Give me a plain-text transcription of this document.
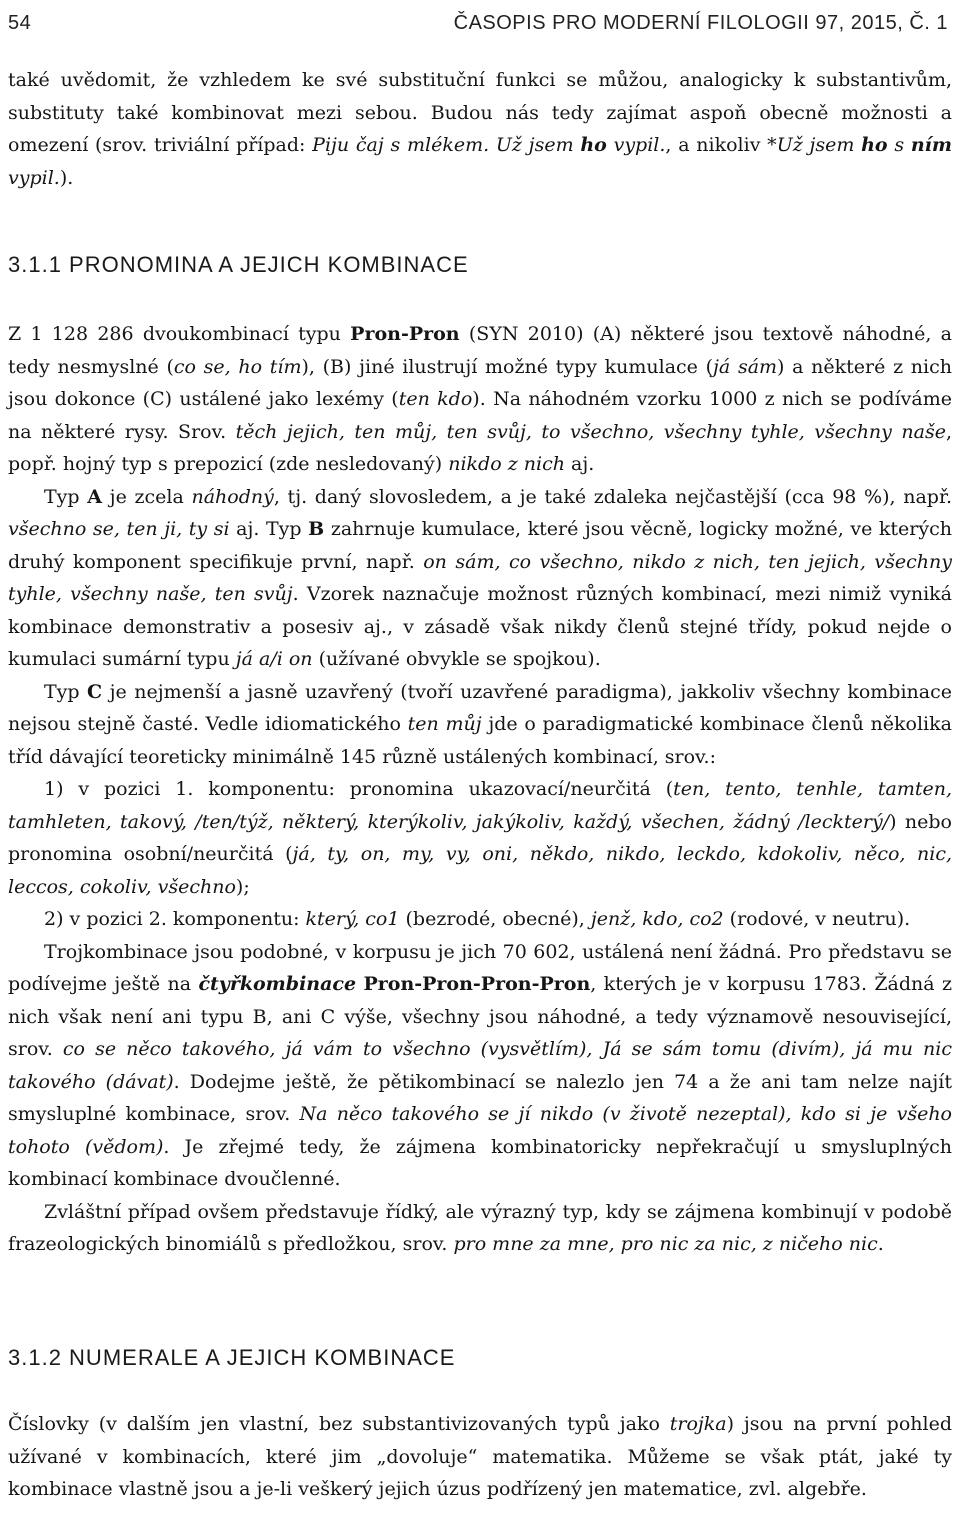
54	ČASOPIS PRO MODERNÍ FILOLOGII 97, 2015, Č. 1

také uvědomit, že vzhledem ke své substituční funkci se můžou, analogicky k substantivům, substituty také kombinovat mezi sebou. Budou nás tedy zajímat aspoň obecně možnosti a omezení (srov. triviální případ: Piju čaj s mlékem. Už jsem ho vypil., a nikoliv *Už jsem ho s ním vypil.).

3.1.1 PRONOMINA A JEJICH KOMBINACE

Z 1 128 286 dvoukombinací typu Pron-Pron (SYN 2010) (A) některé jsou textově náhodné, a tedy nesmyslné (co se, ho tím), (B) jiné ilustrují možné typy kumulace (já sám) a některé z nich jsou dokonce (C) ustálené jako lexémy (ten kdo). Na náhodném vzorku 1000 z nich se podíváme na některé rysy. Srov. těch jejich, ten můj, ten svůj, to všechno, všechny tyhle, všechny naše, popř. hojný typ s prepozicí (zde nesledovaný) nikdo z nich aj.

Typ A je zcela náhodný, tj. daný slovosledem, a je také zdaleka nejčastější (cca 98 %), např. všechno se, ten ji, ty si aj. Typ B zahrnuje kumulace, které jsou věcně, logicky možné, ve kterých druhý komponent specifikuje první, např. on sám, co všechno, nikdo z nich, ten jejich, všechny tyhle, všechny naše, ten svůj. Vzorek naznačuje možnost různých kombinací, mezi nimiž vyniká kombinace demonstrativ a posesiv aj., v zásadě však nikdy členů stejné třídy, pokud nejde o kumulaci sumární typu já a/i on (užívané obvykle se spojkou).

Typ C je nejmenší a jasně uzavřený (tvoří uzavřené paradigma), jakkoliv všechny kombinace nejsou stejně časté. Vedle idiomatického ten můj jde o paradigmatické kombinace členů několika tříd dávající teoreticky minimálně 145 různě ustálených kombinací, srov.:

1) v pozici 1. komponentu: pronomina ukazovací/neurčitá (ten, tento, tenhle, tamten, tamhleten, takový, /ten/týž, některý, kterýkoliv, jakýkoliv, každý, všechen, žádný /leckterý/) nebo pronomina osobní/neurčitá (já, ty, on, my, vy, oni, někdo, nikdo, leckdo, kdokoliv, něco, nic, leccos, cokoliv, všechno);

2) v pozici 2. komponentu: který, co1 (bezrodé, obecné), jenž, kdo, co2 (rodové, v neutru).

Trojkombinace jsou podobné, v korpusu je jich 70 602, ustálená není žádná. Pro představu se podívejme ještě na čtyřkombinace Pron-Pron-Pron-Pron, kterých je v korpusu 1783. Žádná z nich však není ani typu B, ani C výše, všechny jsou náhodné, a tedy významově nesouvisející, srov. co se něco takového, já vám to všechno (vysvětlím), Já se sám tomu (divím), já mu nic takového (dávat). Dodejme ještě, že pětikombinací se nalezlo jen 74 a že ani tam nelze najít smysluplné kombinace, srov. Na něco takového se jí nikdo (v životě nezeptal), kdo si je všeho tohoto (vědom). Je zřejmé tedy, že zájmena kombinatoricky nepřekračují u smysluplných kombinací kombinace dvoučlenné.

Zvláštní případ ovšem představuje řídký, ale výrazný typ, kdy se zájmena kombinují v podobě frazeologických binomiálů s předložkou, srov. pro mne za mne, pro nic za nic, z ničeho nic.

3.1.2 NUMERALE A JEJICH KOMBINACE

Číslovky (v dalším jen vlastní, bez substantivizovaných typů jako trojka) jsou na první pohled užívané v kombinacích, které jim „dovoluje“ matematika. Můžeme se však ptát, jaké ty kombinace vlastně jsou a je-li veškerý jejich úzus podřízený jen matematice, zvl. algebře.
